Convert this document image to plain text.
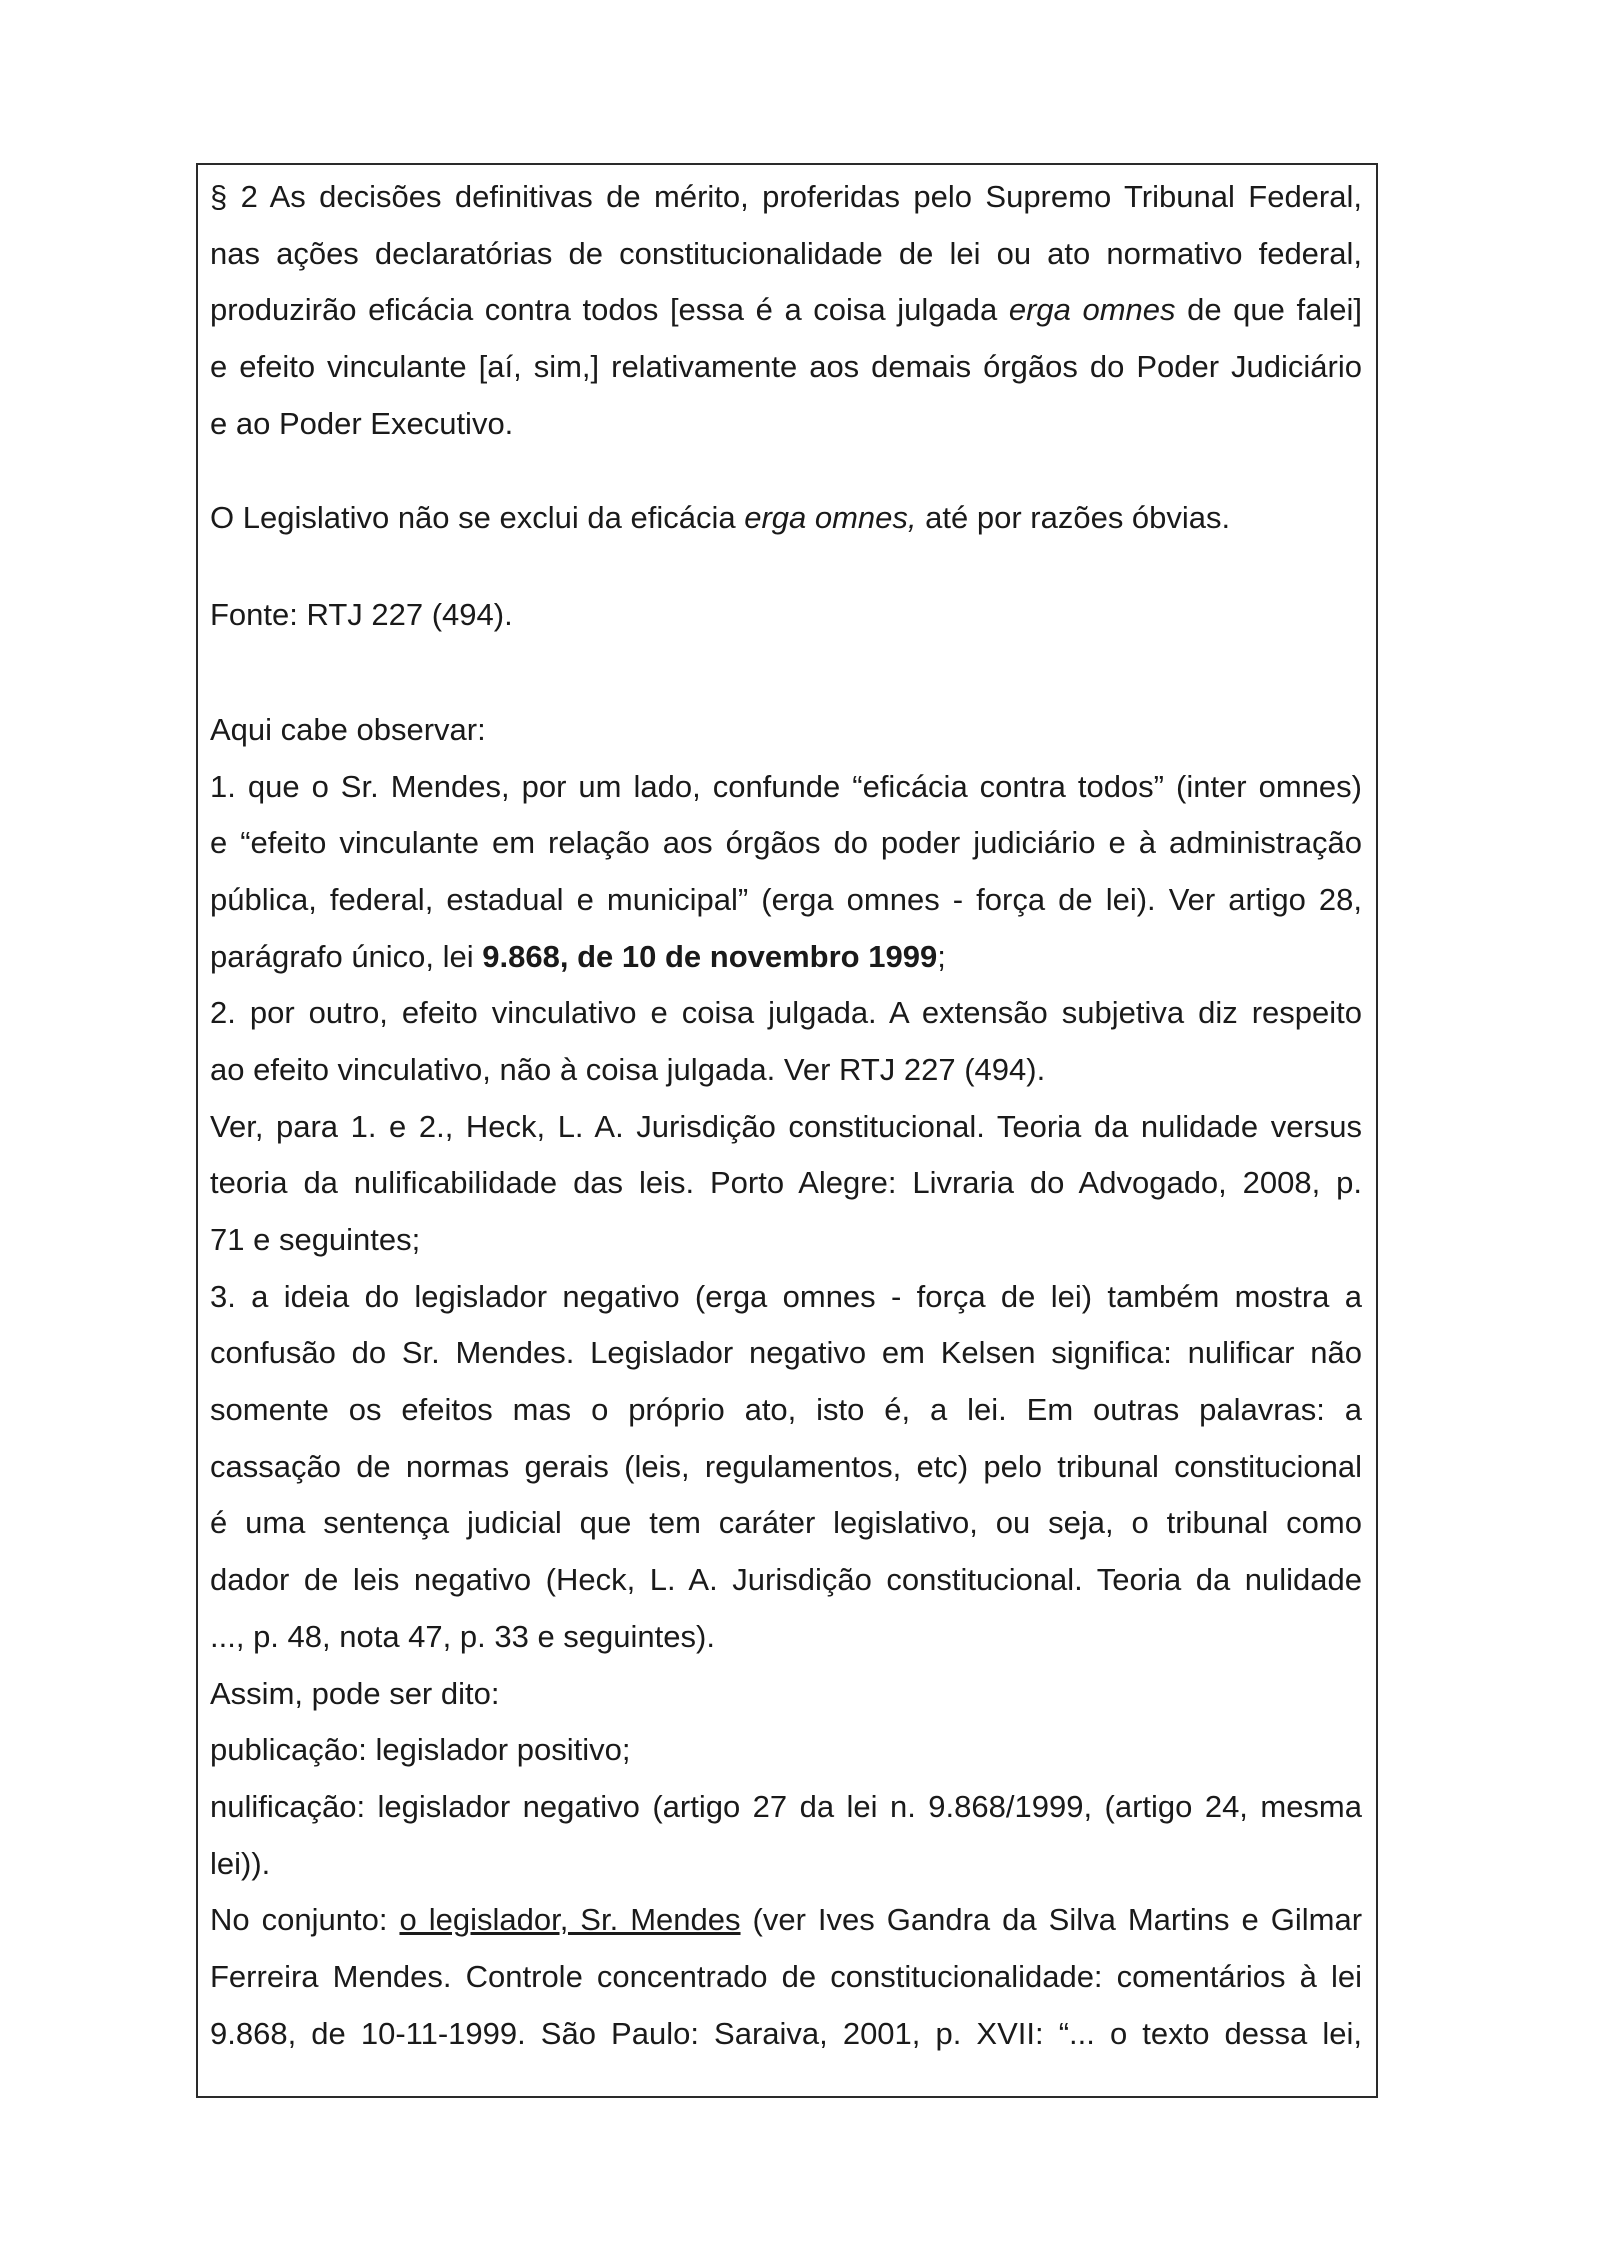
§ 2 As decisões definitivas de mérito, proferidas pelo Supremo Tribunal Federal,
nas ações declaratórias de constitucionalidade de lei ou ato normativo federal,
produzirão eficácia contra todos [essa é a coisa julgada erga omnes de que falei]
e efeito vinculante [aí, sim,] relativamente aos demais órgãos do Poder Judiciário
e ao Poder Executivo.
O Legislativo não se exclui da eficácia erga omnes, até por razões óbvias.
Fonte: RTJ 227 (494).
Aqui cabe observar:
1. que o Sr. Mendes, por um lado, confunde “eficácia contra todos” (inter omnes)
e “efeito vinculante em relação aos órgãos do poder judiciário e à administração
pública, federal, estadual e municipal” (erga omnes - força de lei). Ver artigo 28,
parágrafo único, lei 9.868, de 10 de novembro 1999;
2. por outro, efeito vinculativo e coisa julgada. A extensão subjetiva diz respeito
ao efeito vinculativo, não à coisa julgada. Ver RTJ 227 (494).
Ver, para 1. e 2., Heck, L. A. Jurisdição constitucional. Teoria da nulidade versus
teoria da nulificabilidade das leis. Porto Alegre: Livraria do Advogado, 2008, p.
71 e seguintes;
3. a ideia do legislador negativo (erga omnes - força de lei) também mostra a
confusão do Sr. Mendes. Legislador negativo em Kelsen significa: nulificar não
somente os efeitos mas o próprio ato, isto é, a lei. Em outras palavras: a
cassação de normas gerais (leis, regulamentos, etc) pelo tribunal constitucional
é uma sentença judicial que tem caráter legislativo, ou seja, o tribunal como
dador de leis negativo (Heck, L. A. Jurisdição constitucional. Teoria da nulidade
..., p. 48, nota 47, p. 33 e seguintes).
Assim, pode ser dito:
publicação: legislador positivo;
nulificação: legislador negativo (artigo 27 da lei n. 9.868/1999, (artigo 24, mesma
lei)).
No conjunto: o legislador, Sr. Mendes (ver Ives Gandra da Silva Martins e Gilmar
Ferreira Mendes. Controle concentrado de constitucionalidade: comentários à lei
9.868, de 10-11-1999. São Paulo: Saraiva, 2001, p. XVII: “... o texto dessa lei,
